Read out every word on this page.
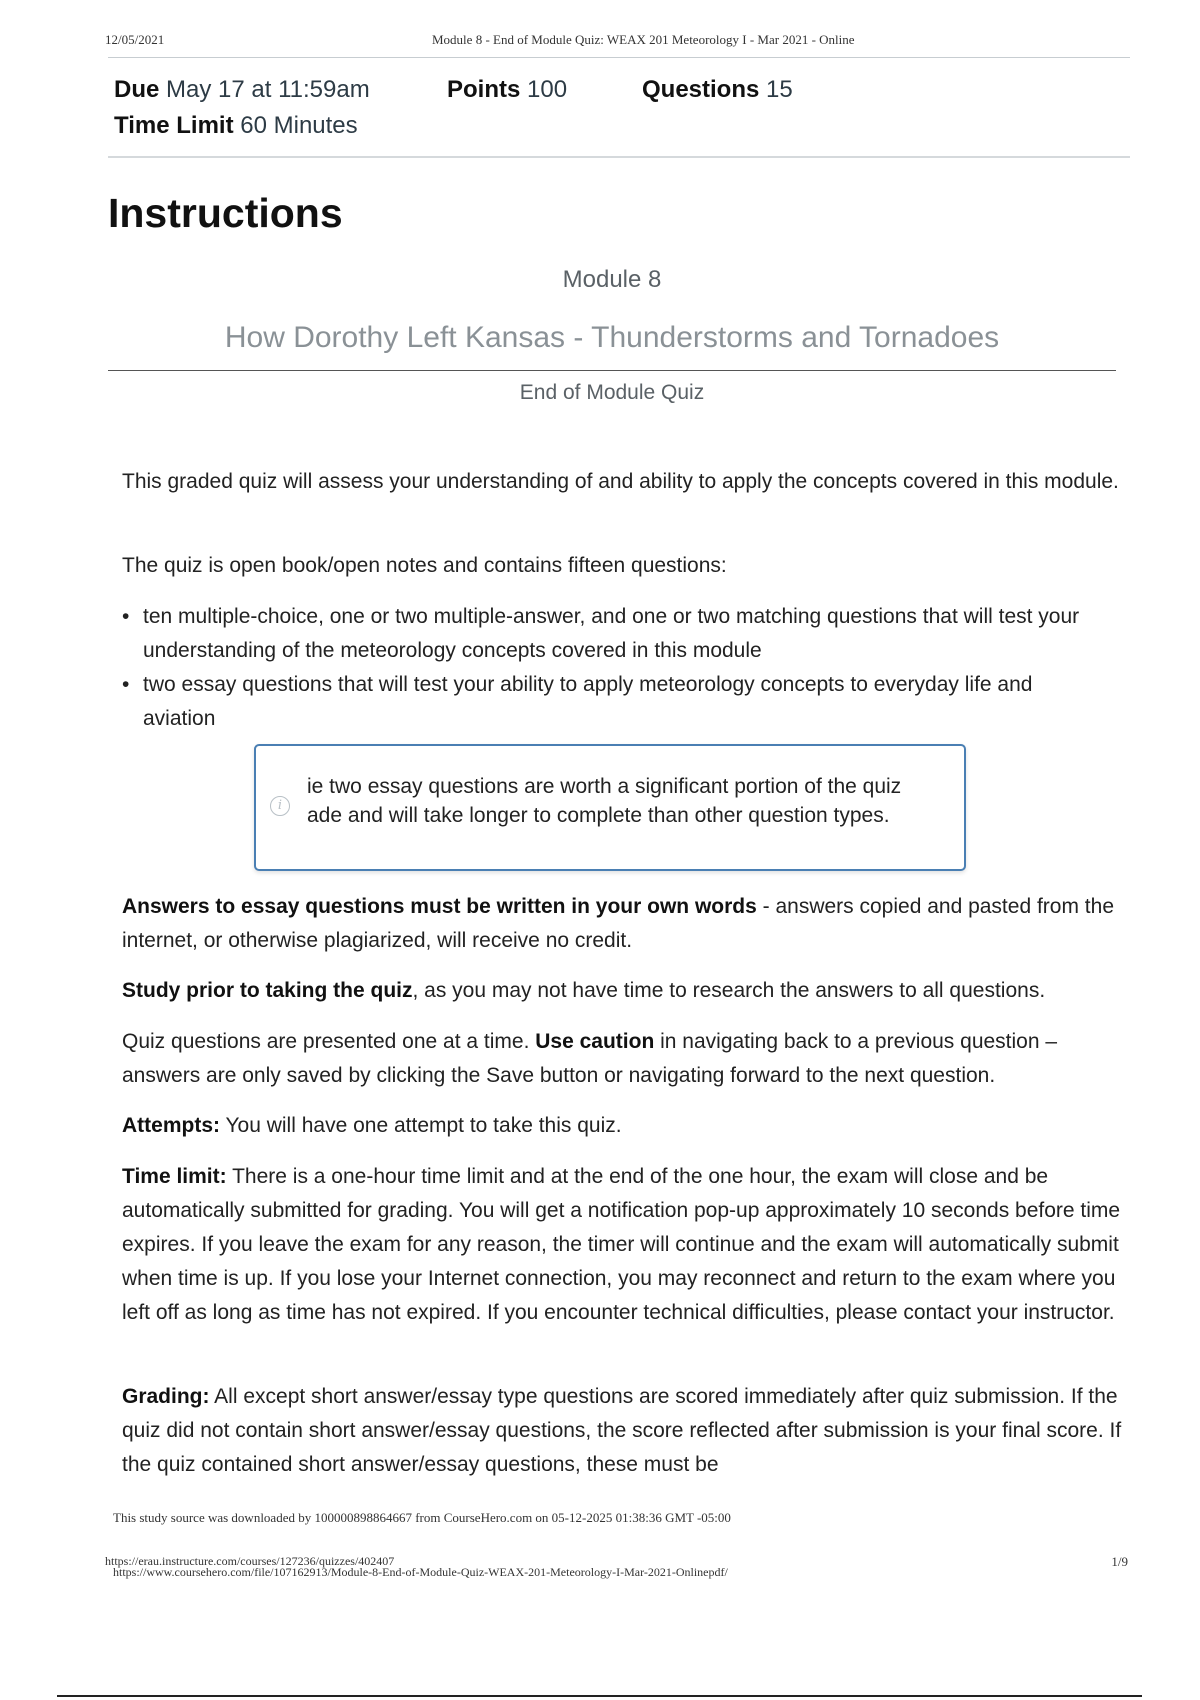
12/05/2021	Module 8 - End of Module Quiz: WEAX 201 Meteorology I - Mar 2021 - Online
Due May 17 at 11:59am	Points 100	Questions 15
Time Limit 60 Minutes
Instructions
Module 8
How Dorothy Left Kansas - Thunderstorms and Tornadoes
End of Module Quiz

This graded quiz will assess your understanding of and ability to apply the concepts covered in this module.

The quiz is open book/open notes and contains fifteen questions:

• ten multiple-choice, one or two multiple-answer, and one or two matching questions that will test your understanding of the meteorology concepts covered in this module
• two essay questions that will test your ability to apply meteorology concepts to everyday life and aviation
i
ie two essay questions are worth a significant portion of the quiz
ade and will take longer to complete than other question types.

Answers to essay questions must be written in your own words - answers copied and pasted from the internet, or otherwise plagiarized, will receive no credit.

Study prior to taking the quiz, as you may not have time to research the answers to all questions.

Quiz questions are presented one at a time. Use caution in navigating back to a previous question – answers are only saved by clicking the Save button or navigating forward to the next question.

Attempts: You will have one attempt to take this quiz.

Time limit: There is a one-hour time limit and at the end of the one hour, the exam will close and be automatically submitted for grading. You will get a notification pop-up approximately 10 seconds before time expires. If you leave the exam for any reason, the timer will continue and the exam will automatically submit when time is up. If you lose your Internet connection, you may reconnect and return to the exam where you left off as long as time has not expired. If you encounter technical difficulties, please contact your instructor.

Grading: All except short answer/essay type questions are scored immediately after quiz submission. If the quiz did not contain short answer/essay questions, the score reflected after submission is your final score. If the quiz contained short answer/essay questions, these must be

This study source was downloaded by 100000898864667 from CourseHero.com on 05-12-2025 01:38:36 GMT -05:00
https://erau.instructure.com/courses/127236/quizzes/402407
https://www.coursehero.com/file/107162913/Module-8-End-of-Module-Quiz-WEAX-201-Meteorology-I-Mar-2021-Onlinepdf/
1/9
